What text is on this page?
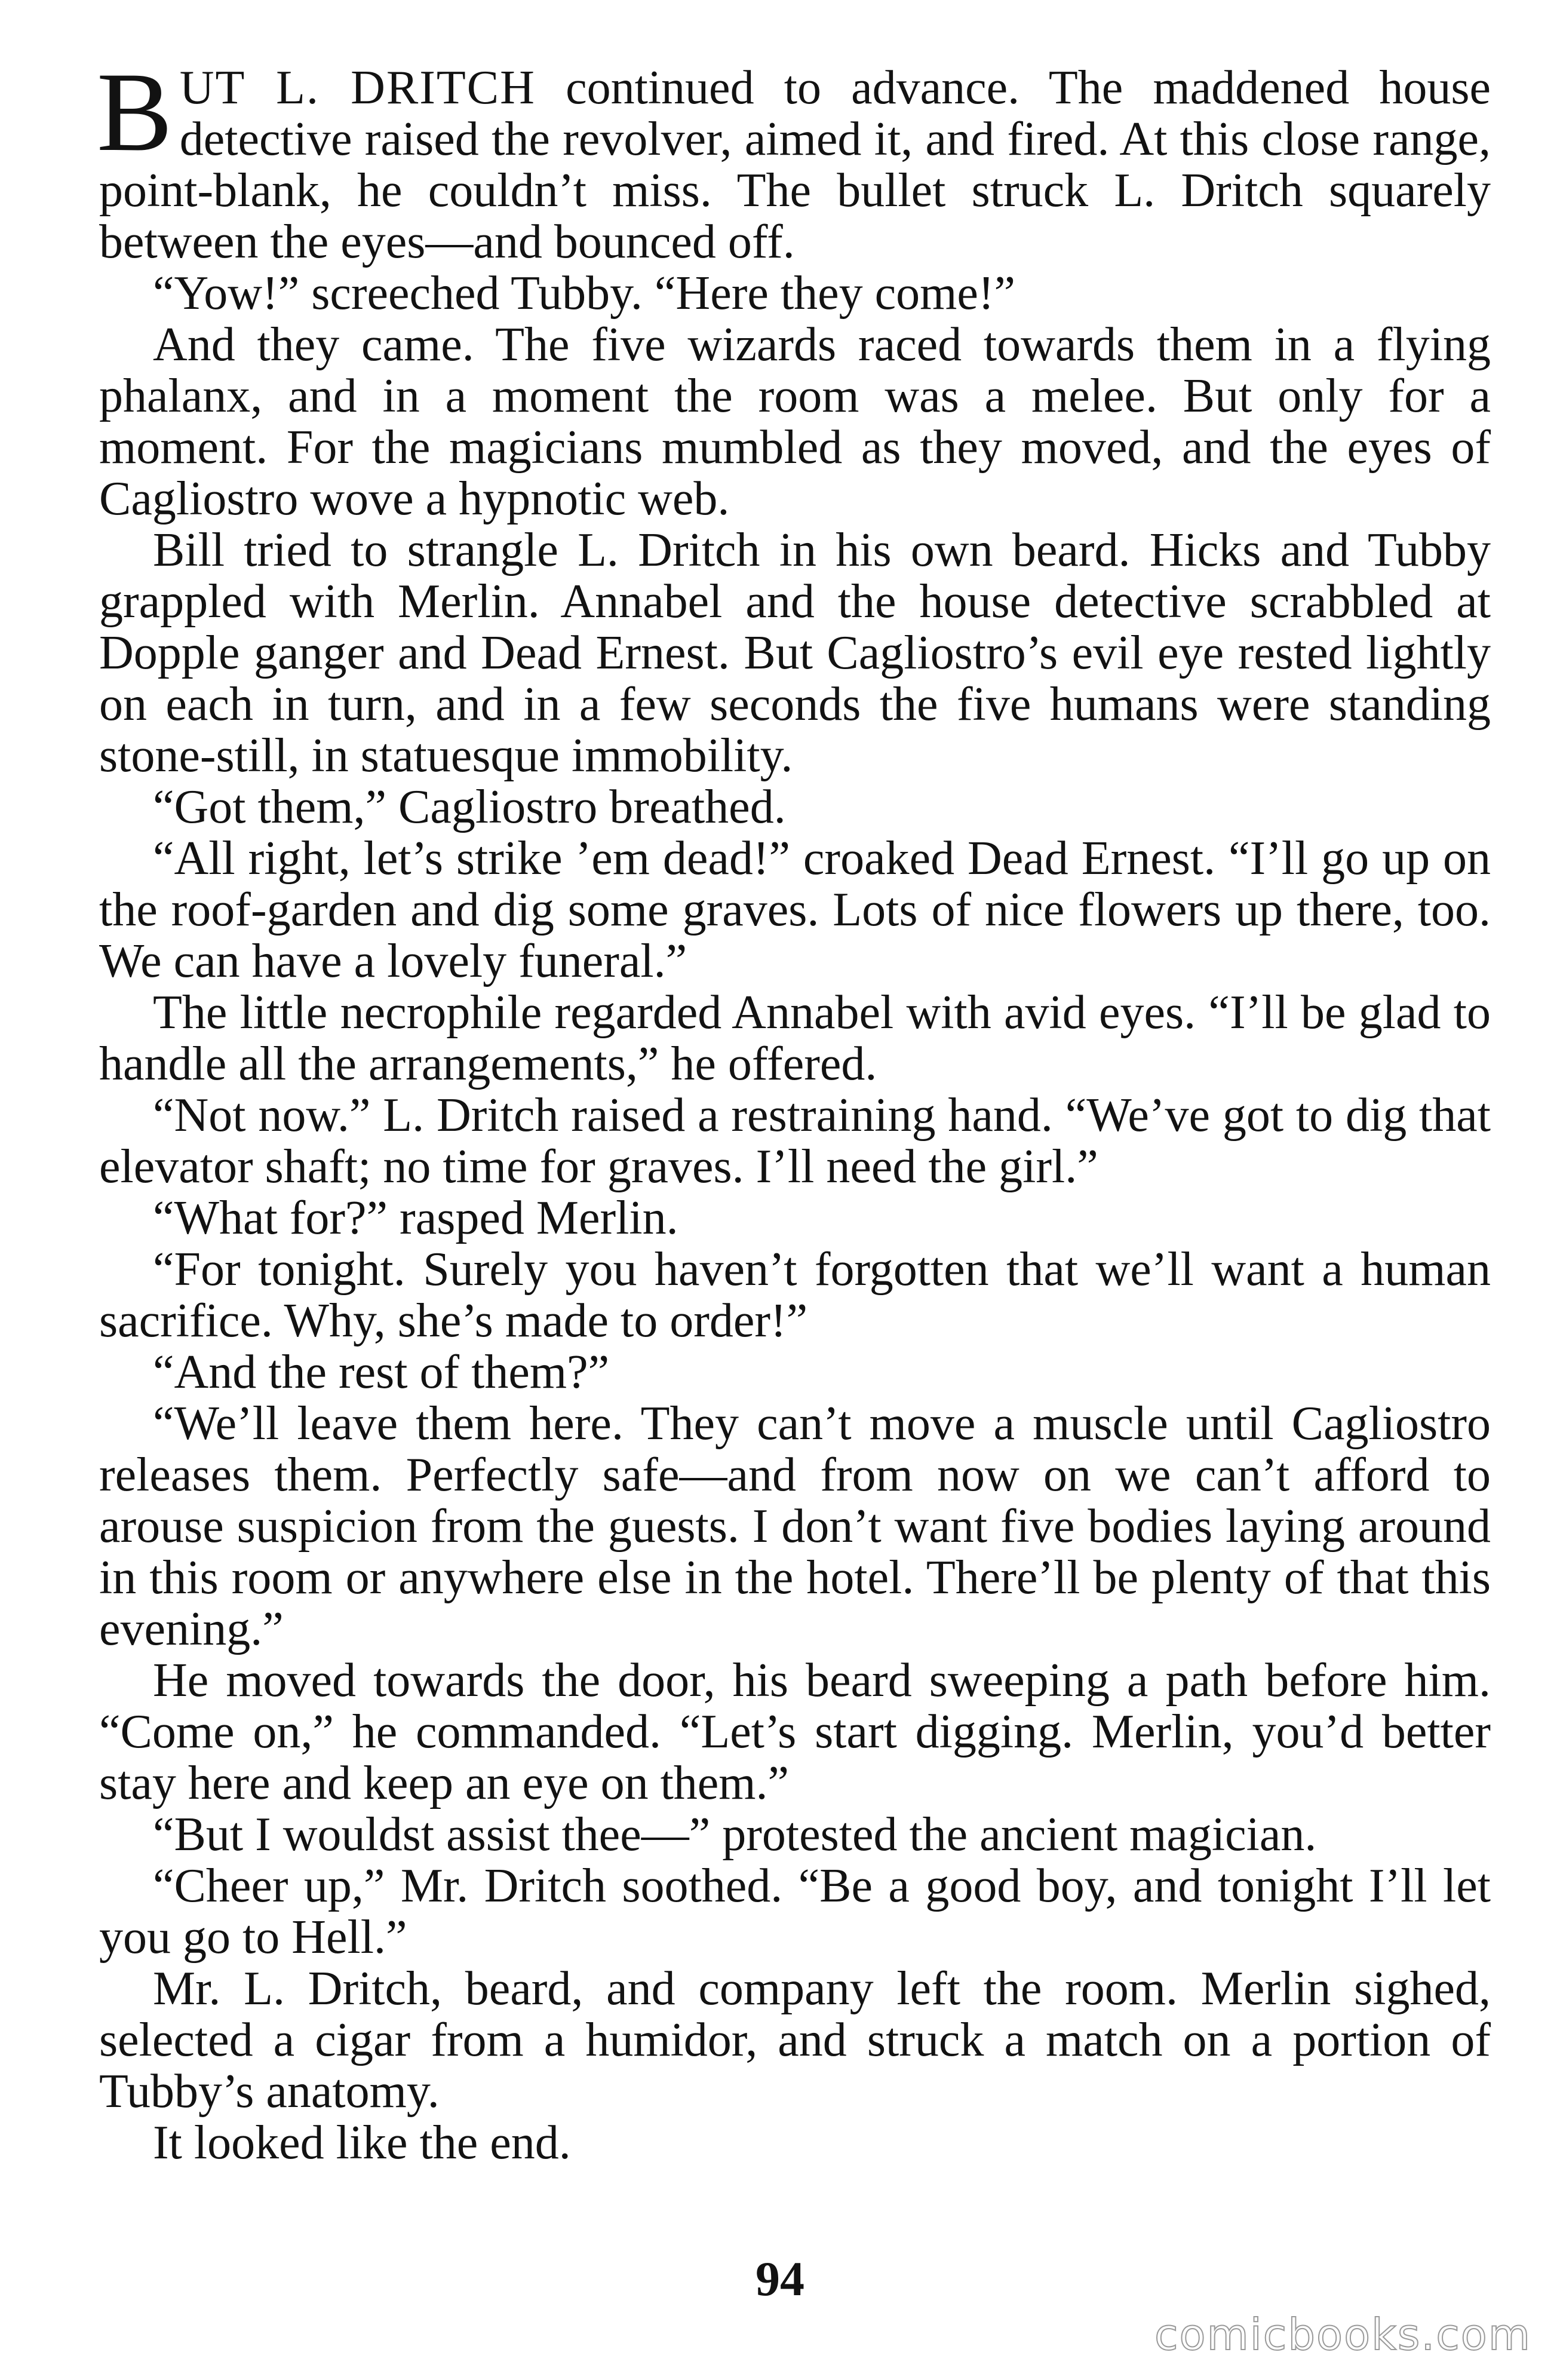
BUT L. DRITCH continued to advance. The maddened house detective raised the revolver, aimed it, and fired. At this close range, point-blank, he couldn’t miss. The bullet struck L. Dritch squarely between the eyes—and bounced off.

“Yow!” screeched Tubby. “Here they come!”

And they came. The five wizards raced towards them in a flying phalanx, and in a moment the room was a melee. But only for a moment. For the magicians mumbled as they moved, and the eyes of Cagliostro wove a hypnotic web.

Bill tried to strangle L. Dritch in his own beard. Hicks and Tubby grappled with Merlin. Annabel and the house detective scrabbled at Dopple ganger and Dead Ernest. But Cagliostro’s evil eye rested lightly on each in turn, and in a few seconds the five humans were standing stone-still, in statuesque immobility.

“Got them,” Cagliostro breathed.

“All right, let’s strike ’em dead!” croaked Dead Ernest. “I’ll go up on the roof-garden and dig some graves. Lots of nice flowers up there, too. We can have a lovely funeral.”

The little necrophile regarded Annabel with avid eyes. “I’ll be glad to handle all the arrangements,” he offered.

“Not now.” L. Dritch raised a restraining hand. “We’ve got to dig that elevator shaft; no time for graves. I’ll need the girl.”

“What for?” rasped Merlin.

“For tonight. Surely you haven’t forgotten that we’ll want a human sacrifice. Why, she’s made to order!”

“And the rest of them?”

“We’ll leave them here. They can’t move a muscle until Cagliostro releases them. Perfectly safe—and from now on we can’t afford to arouse suspicion from the guests. I don’t want five bodies laying around in this room or anywhere else in the hotel. There’ll be plenty of that this evening.”

He moved towards the door, his beard sweeping a path before him. “Come on,” he commanded. “Let’s start digging. Merlin, you’d better stay here and keep an eye on them.”

“But I wouldst assist thee—” protested the ancient magician.

“Cheer up,” Mr. Dritch soothed. “Be a good boy, and tonight I’ll let you go to Hell.”

Mr. L. Dritch, beard, and company left the room. Merlin sighed, selected a cigar from a humidor, and struck a match on a portion of Tubby’s anatomy.

It looked like the end.

94
comicbooks.com
